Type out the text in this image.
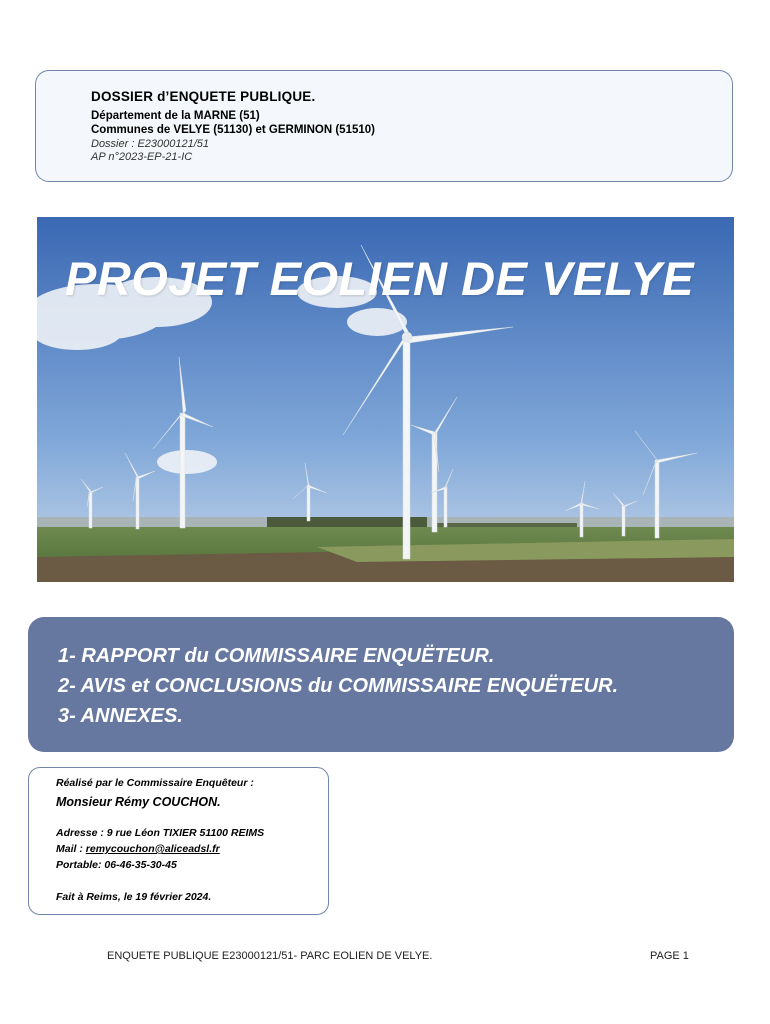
DOSSIER d’ENQUETE PUBLIQUE.
Département de la MARNE (51)
Communes de VELYE (51130) et GERMINON (51510)
Dossier : E23000121/51
AP n°2023-EP-21-IC
PROJET EOLIEN DE VELYE
1- RAPPORT du COMMISSAIRE ENQUËTEUR.
2- AVIS et CONCLUSIONS du COMMISSAIRE ENQUËTEUR.
3- ANNEXES.
Réalisé par le Commissaire Enquêteur :
Monsieur Rémy COUCHON.
Adresse : 9 rue Léon TIXIER 51100 REIMS
Mail : remycouchon@aliceadsl.fr
Portable: 06-46-35-30-45
Fait à Reims, le 19 février 2024.
ENQUETE PUBLIQUE E23000121/51- PARC EOLIEN DE VELYE.	PAGE 1
